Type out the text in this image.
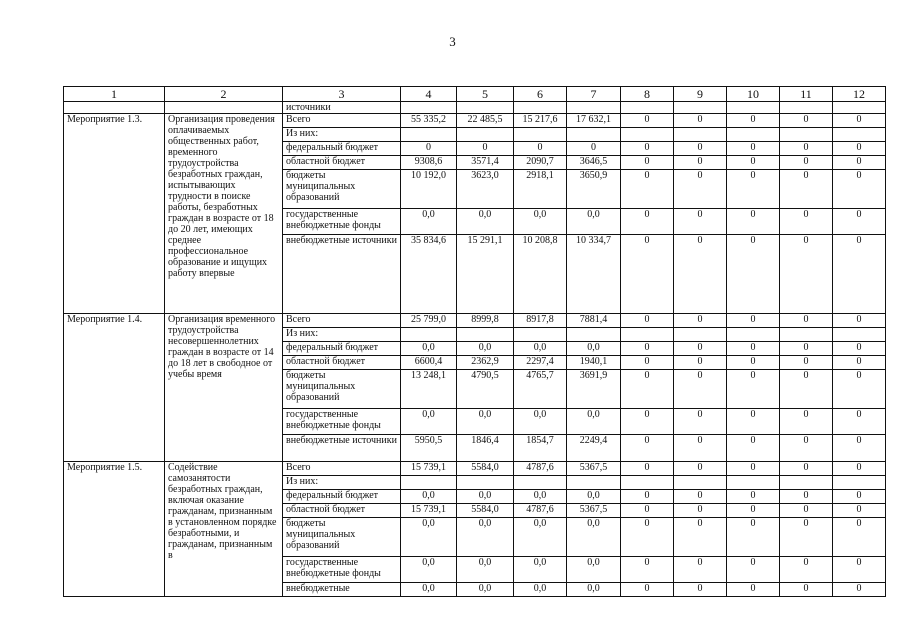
3
1	2	3	4	5	6	7	8	9	10	11	12
		источники									
Мероприятие 1.3.	Организация проведения оплачиваемых общественных работ, временного трудоустройства безработных граждан, испытывающих трудности в поиске работы, безработных граждан в возрасте от 18 до 20 лет, имеющих среднее профессиональное образование и ищущих работу впервые	Всего	55 335,2	22 485,5	15 217,6	17 632,1	0	0	0	0	0
		Из них:									
		федеральный бюджет	0	0	0	0	0	0	0	0	0
		областной бюджет	9308,6	3571,4	2090,7	3646,5	0	0	0	0	0
		бюджеты муниципальных образований	10 192,0	3623,0	2918,1	3650,9	0	0	0	0	0
		государственные внебюджетные фонды	0,0	0,0	0,0	0,0	0	0	0	0	0
		внебюджетные источники	35 834,6	15 291,1	10 208,8	10 334,7	0	0	0	0	0
Мероприятие 1.4.	Организация временного трудоустройства несовершеннолетних граждан в возрасте от 14 до 18 лет в свободное от учебы время	Всего	25 799,0	8999,8	8917,8	7881,4	0	0	0	0	0
		Из них:									
		федеральный бюджет	0,0	0,0	0,0	0,0	0	0	0	0	0
		областной бюджет	6600,4	2362,9	2297,4	1940,1	0	0	0	0	0
		бюджеты муниципальных образований	13 248,1	4790,5	4765,7	3691,9	0	0	0	0	0
		государственные внебюджетные фонды	0,0	0,0	0,0	0,0	0	0	0	0	0
		внебюджетные источники	5950,5	1846,4	1854,7	2249,4	0	0	0	0	0
Мероприятие 1.5.	Содействие самозанятости безработных граждан, включая оказание гражданам, признанным в установленном порядке безработными, и гражданам, признанным в	Всего	15 739,1	5584,0	4787,6	5367,5	0	0	0	0	0
		Из них:									
		федеральный бюджет	0,0	0,0	0,0	0,0	0	0	0	0	0
		областной бюджет	15 739,1	5584,0	4787,6	5367,5	0	0	0	0	0
		бюджеты муниципальных образований	0,0	0,0	0,0	0,0	0	0	0	0	0
		государственные внебюджетные фонды	0,0	0,0	0,0	0,0	0	0	0	0	0
		внебюджетные	0,0	0,0	0,0	0,0	0	0	0	0	0
